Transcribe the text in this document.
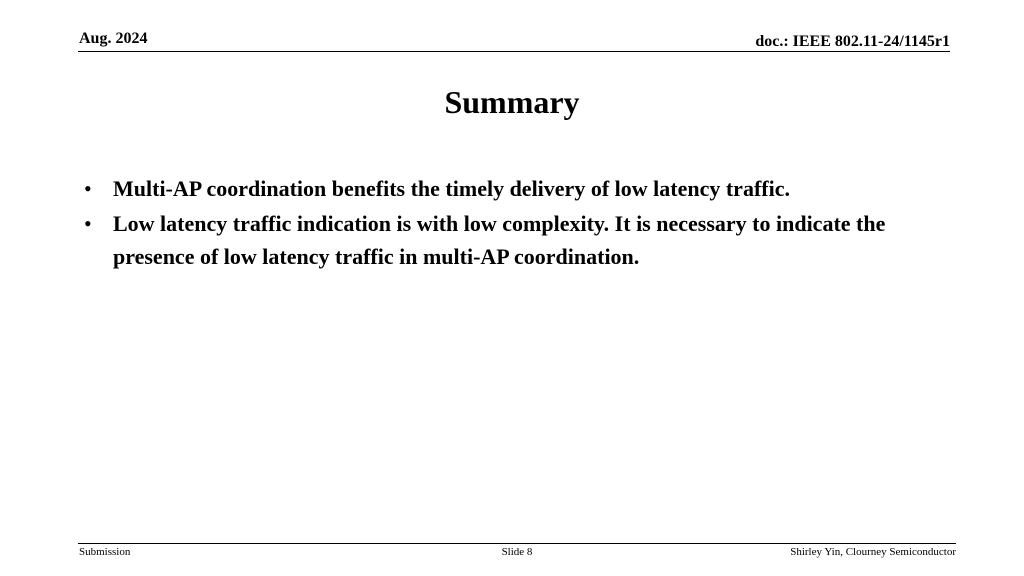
Aug. 2024	doc.: IEEE 802.11-24/1145r1
Summary
• Multi-AP coordination benefits the timely delivery of low latency traffic.
• Low latency traffic indication is with low complexity. It is necessary to indicate the presence of low latency traffic in multi-AP coordination.
Submission	Slide 8	Shirley Yin, Clourney Semiconductor
